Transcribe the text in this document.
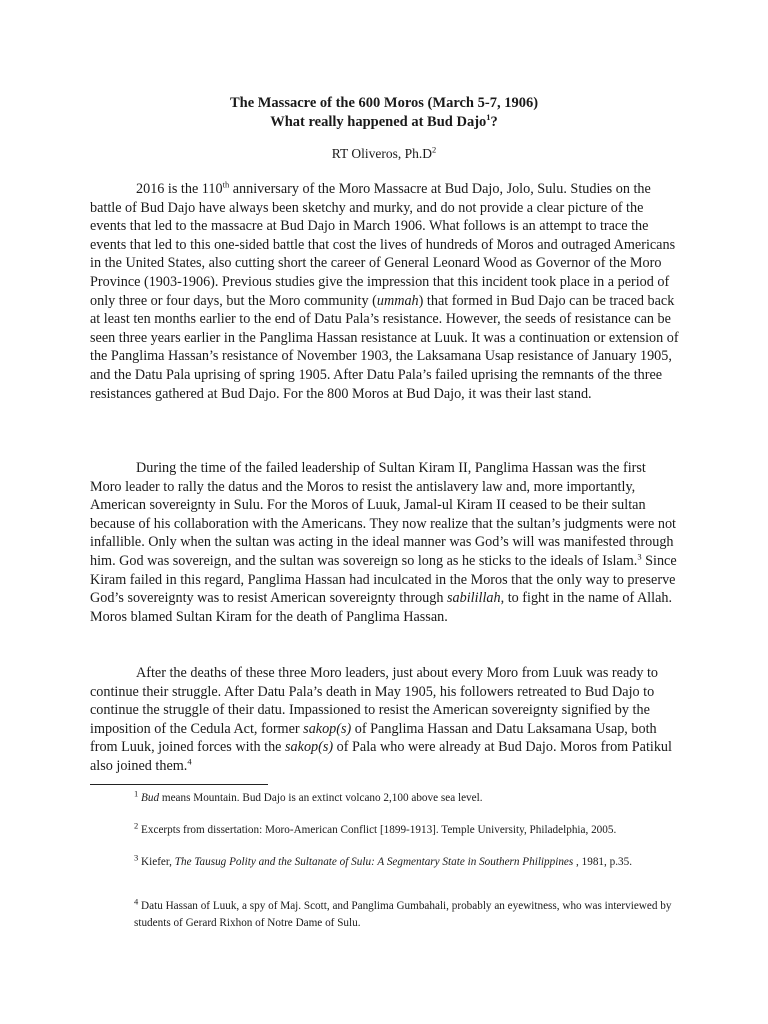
The Massacre of the 600 Moros (March 5-7, 1906)
What really happened at Bud Dajo$^1$?
RT Oliveros, $Ph.D^2$

2016 is the 110th anniversary of the Moro Massacre at Bud Dajo, Jolo, Sulu. Studies on the battle of Bud Dajo have always been sketchy and murky, and do not provide a clear picture of the events that led to the massacre at Bud Dajo in March 1906. What follows is an attempt to trace the events that led to this one-sided battle that cost the lives of hundreds of Moros and outraged Americans in the United States, also cutting short the career of General Leonard Wood as Governor of the Moro Province (1903-1906). Previous studies give the impression that this incident took place in a period of only three or four days, but the Moro community (ummah) that formed in Bud Dajo can be traced back at least ten months earlier to the end of Datu Pala’s resistance. However, the seeds of resistance can be seen three years earlier in the Panglima Hassan resistance at Luuk. It was a continuation or extension of the Panglima Hassan’s resistance of November 1903, the Laksamana Usap resistance of January 1905, and the Datu Pala uprising of spring 1905. After Datu Pala’s failed uprising the remnants of the three resistances gathered at Bud Dajo. For the 800 Moros at Bud Dajo, it was their last stand.

During the time of the failed leadership of Sultan Kiram II, Panglima Hassan was the first Moro leader to rally the datus and the Moros to resist the antislavery law and, more importantly, American sovereignty in Sulu. For the Moros of Luuk, Jamal-ul Kiram II ceased to be their sultan because of his collaboration with the Americans. They now realize that the sultan’s judgments were not infallible. Only when the sultan was acting in the ideal manner was God’s will was manifested through him. God was sovereign, and the sultan was sovereign so long as he sticks to the ideals of Islam.$^3$ Since Kiram failed in this regard, Panglima Hassan had inculcated in the Moros that the only way to preserve God’s sovereignty was to resist American sovereignty through sabilillah, to fight in the name of Allah. Moros blamed Sultan Kiram for the death of Panglima Hassan.

After the deaths of these three Moro leaders, just about every Moro from Luuk was ready to continue their struggle. After Datu Pala’s death in May 1905, his followers retreated to Bud Dajo to continue the struggle of their datu. Impassioned to resist the American sovereignty signified by the imposition of the Cedula Act, former sakop(s) of Panglima Hassan and Datu Laksamana Usap, both from Luuk, joined forces with the sakop(s) of Pala who were already at Bud Dajo. Moros from Patikul also joined them.$^4$

$^1$ Bud means Mountain. Bud Dajo is an extinct volcano 2,100 above sea level.
$^2$ Excerpts from dissertation: Moro-American Conflict [1899-1913]. Temple University, Philadelphia, 2005.
$^3$ Kiefer, The Tausug Polity and the Sultanate of Sulu: A Segmentary State in Southern Philippines , 1981, p.35.
$^4$ Datu Hassan of Luuk, a spy of Maj. Scott, and Panglima Gumbahali, probably an eyewitness, who was interviewed by students of Gerard Rixhon of Notre Dame of Sulu.
